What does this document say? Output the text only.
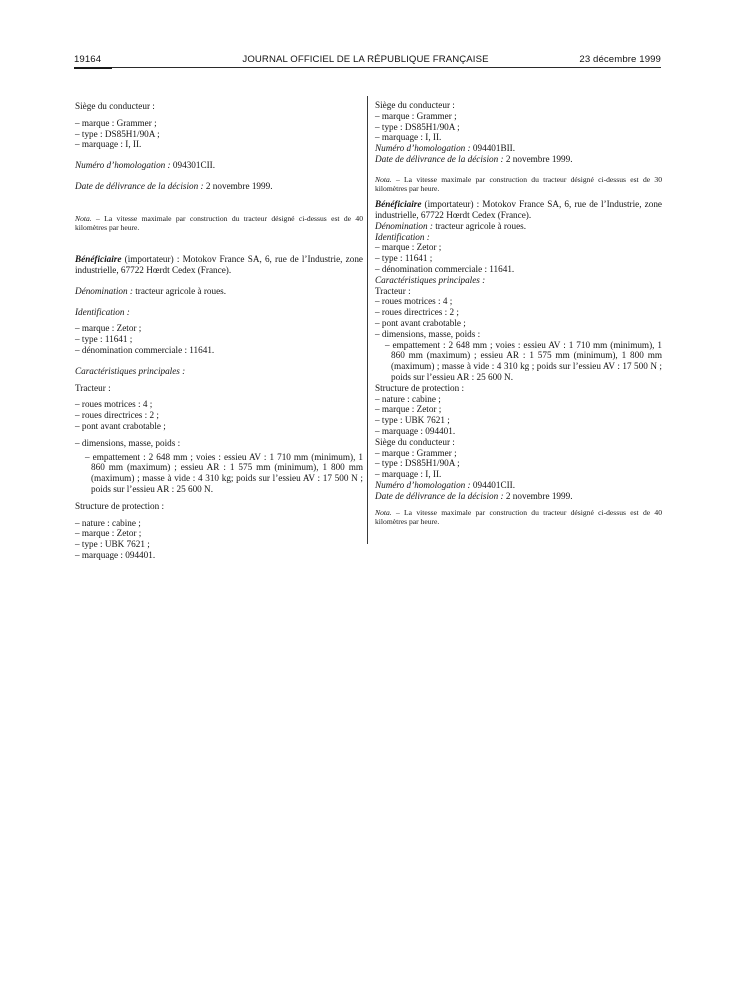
19164	JOURNAL OFFICIEL DE LA RÉPUBLIQUE FRANÇAISE	23 décembre 1999

Siège du conducteur :

– marque : Grammer ;

– type : DS85H1/90A ;

– marquage : I, II.

Numéro d’homologation : 094301CII.

Date de délivrance de la décision : 2 novembre 1999.

Nota. – La vitesse maximale par construction du tracteur désigné ci-dessus est de 40 kilomètres par heure.

Bénéficiaire (importateur) : Motokov France SA, 6, rue de l’Industrie, zone industrielle, 67722 Hœrdt Cedex (France).

Dénomination : tracteur agricole à roues.

Identification :

– marque : Zetor ;

– type : 11641 ;

– dénomination commerciale : 11641.

Caractéristiques principales :

Tracteur :

– roues motrices : 4 ;

– roues directrices : 2 ;

– pont avant crabotable ;

– dimensions, masse, poids :

– empattement : 2 648 mm ; voies : essieu AV : 1 710 mm (minimum), 1 860 mm (maximum) ; essieu AR : 1 575 mm (minimum), 1 800 mm (maximum) ; masse à vide : 4 310 kg; poids sur l’essieu AV : 17 500 N ; poids sur l’essieu AR : 25 600 N.

Structure de protection :

– nature : cabine ;

– marque : Zetor ;

– type : UBK 7621 ;

– marquage : 094401.

Siège du conducteur :

– marque : Grammer ;

– type : DS85H1/90A ;

– marquage : I, II.

Numéro d’homologation : 094401BII.

Date de délivrance de la décision : 2 novembre 1999.

Nota. – La vitesse maximale par construction du tracteur désigné ci-dessus est de 30 kilomètres par heure.

Bénéficiaire (importateur) : Motokov France SA, 6, rue de l’Industrie, zone industrielle, 67722 Hœrdt Cedex (France).

Dénomination : tracteur agricole à roues.

Identification :

– marque : Zetor ;

– type : 11641 ;

– dénomination commerciale : 11641.

Caractéristiques principales :

Tracteur :

– roues motrices : 4 ;

– roues directrices : 2 ;

– pont avant crabotable ;

– dimensions, masse, poids :

– empattement : 2 648 mm ; voies : essieu AV : 1 710 mm (minimum), 1 860 mm (maximum) ; essieu AR : 1 575 mm (minimum), 1 800 mm (maximum) ; masse à vide : 4 310 kg ; poids sur l’essieu AV : 17 500 N ; poids sur l’essieu AR : 25 600 N.

Structure de protection :

– nature : cabine ;

– marque : Zetor ;

– type : UBK 7621 ;

– marquage : 094401.

Siège du conducteur :

– marque : Grammer ;

– type : DS85H1/90A ;

– marquage : I, II.

Numéro d’homologation : 094401CII.

Date de délivrance de la décision : 2 novembre 1999.

Nota. – La vitesse maximale par construction du tracteur désigné ci-dessus est de 40 kilomètres par heure.
